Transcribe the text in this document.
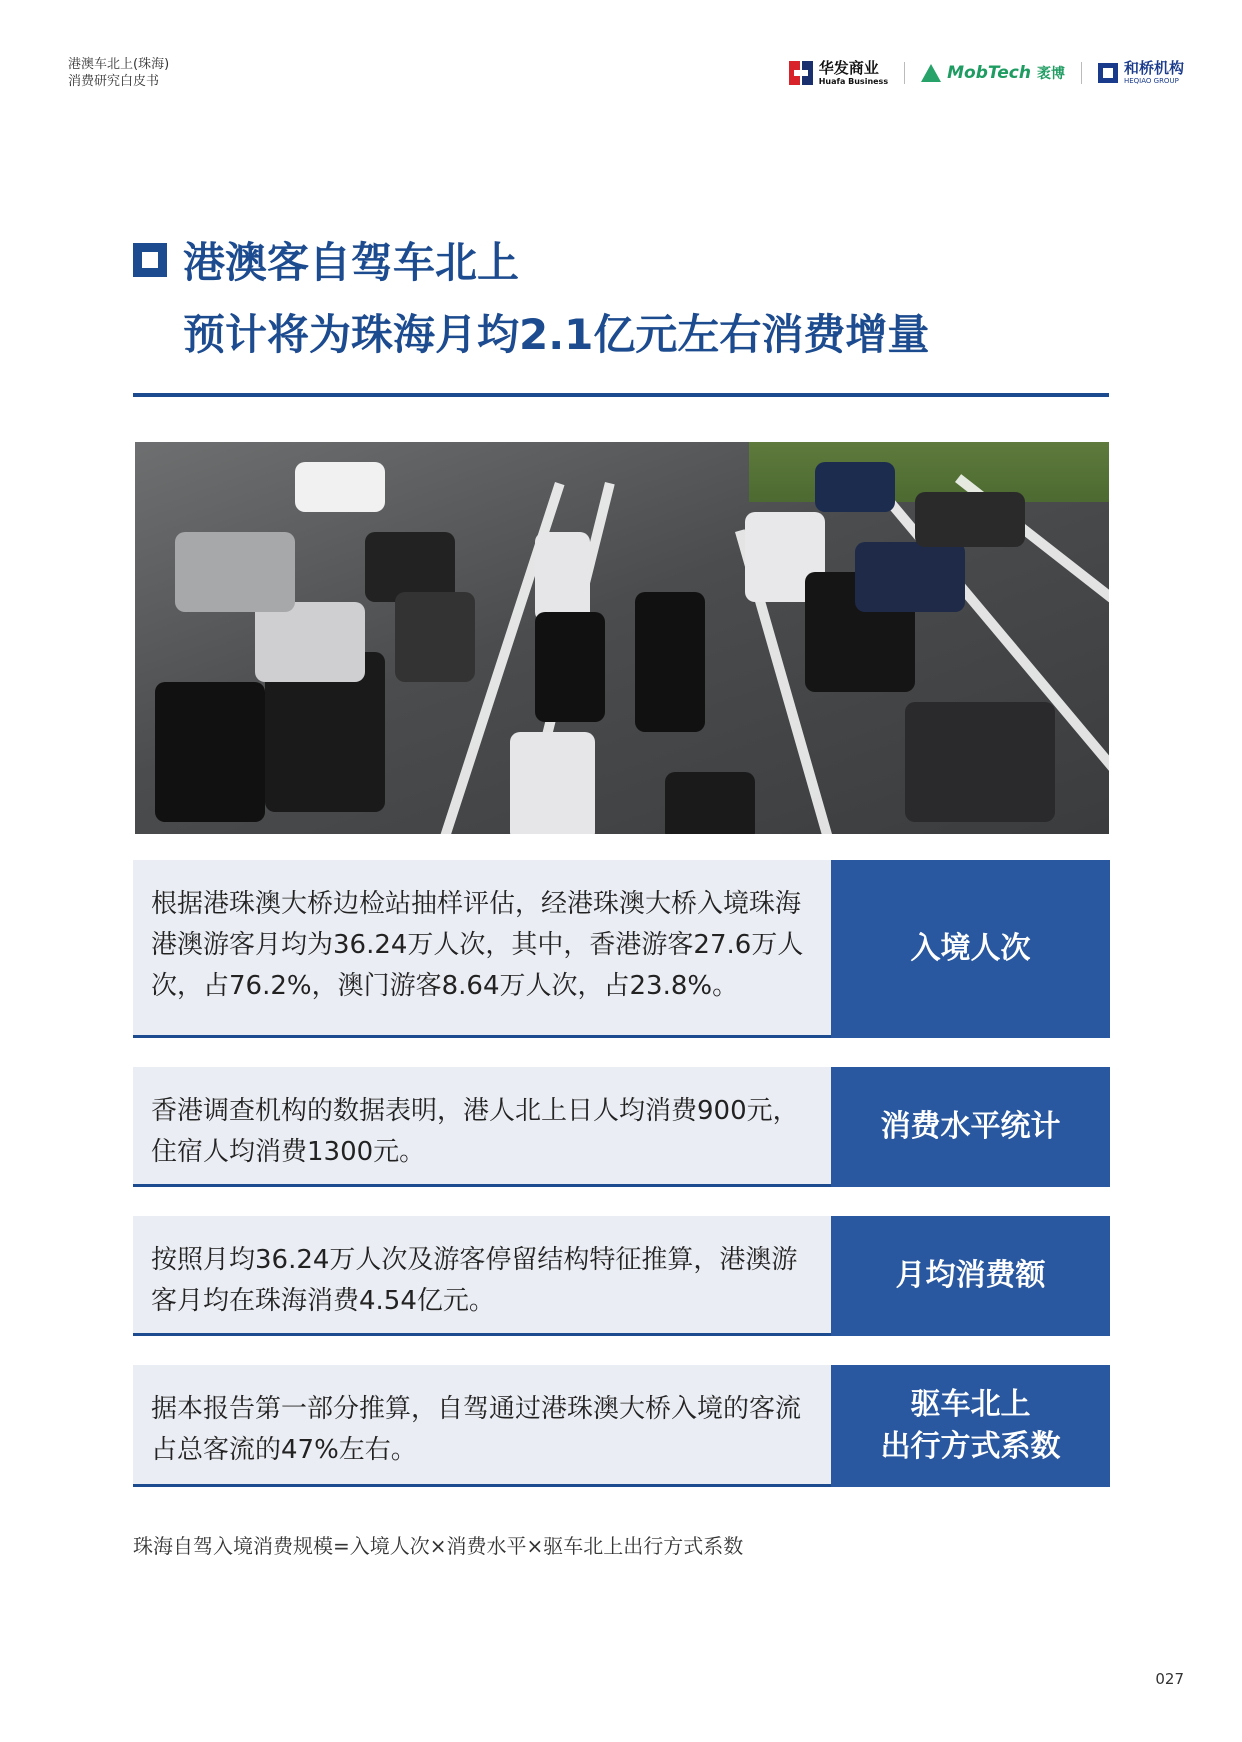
港澳车北上(珠海)
消费研究白皮书
华发商业
Huafa Business	MobTech 袤博	和桥机构
HEQIAO GROUP
港澳客自驾车北上
预计将为珠海月均2.1亿元左右消费增量
根据港珠澳大桥边检站抽样评估，经港珠澳大桥入境珠海港澳游客月均为36.24万人次，其中，香港游客27.6万人次，占76.2%，澳门游客8.64万人次，占23.8%。
入境人次
香港调查机构的数据表明，港人北上日人均消费900元，住宿人均消费1300元。
消费水平统计
按照月均36.24万人次及游客停留结构特征推算，港澳游客月均在珠海消费4.54亿元。
月均消费额
据本报告第一部分推算，自驾通过港珠澳大桥入境的客流占总客流的47%左右。
驱车北上
出行方式系数
珠海自驾入境消费规模=入境人次×消费水平×驱车北上出行方式系数
027
